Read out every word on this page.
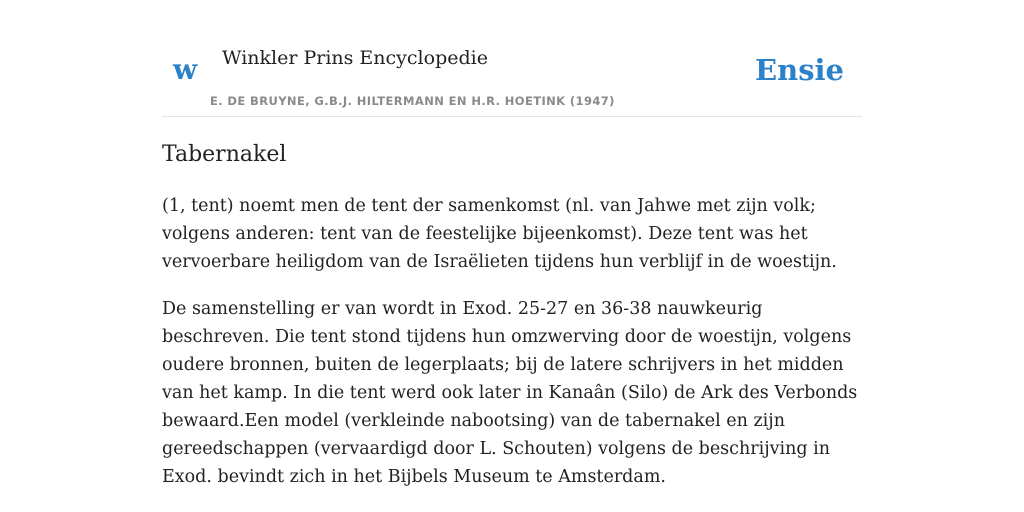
w Winkler Prins Encyclopedie
E. DE BRUYNE, G.B.J. HILTERMANN EN H.R. HOETINK (1947)
Ensie
Tabernakel

(1, tent) noemt men de tent der samenkomst (nl. van Jahwe met zijn volk; volgens anderen: tent van de feestelijke bijeenkomst). Deze tent was het vervoerbare heiligdom van de Israëlieten tijdens hun verblijf in de woestijn.

De samenstelling er van wordt in Exod. 25-27 en 36-38 nauwkeurig beschreven. Die tent stond tijdens hun omzwerving door de woestijn, volgens oudere bronnen, buiten de legerplaats; bij de latere schrijvers in het midden van het kamp. In die tent werd ook later in Kanaân (Silo) de Ark des Verbonds bewaard.Een model (verkleinde nabootsing) van de tabernakel en zijn gereedschappen (vervaardigd door L. Schouten) volgens de beschrijving in Exod. bevindt zich in het Bijbels Museum te Amsterdam.
